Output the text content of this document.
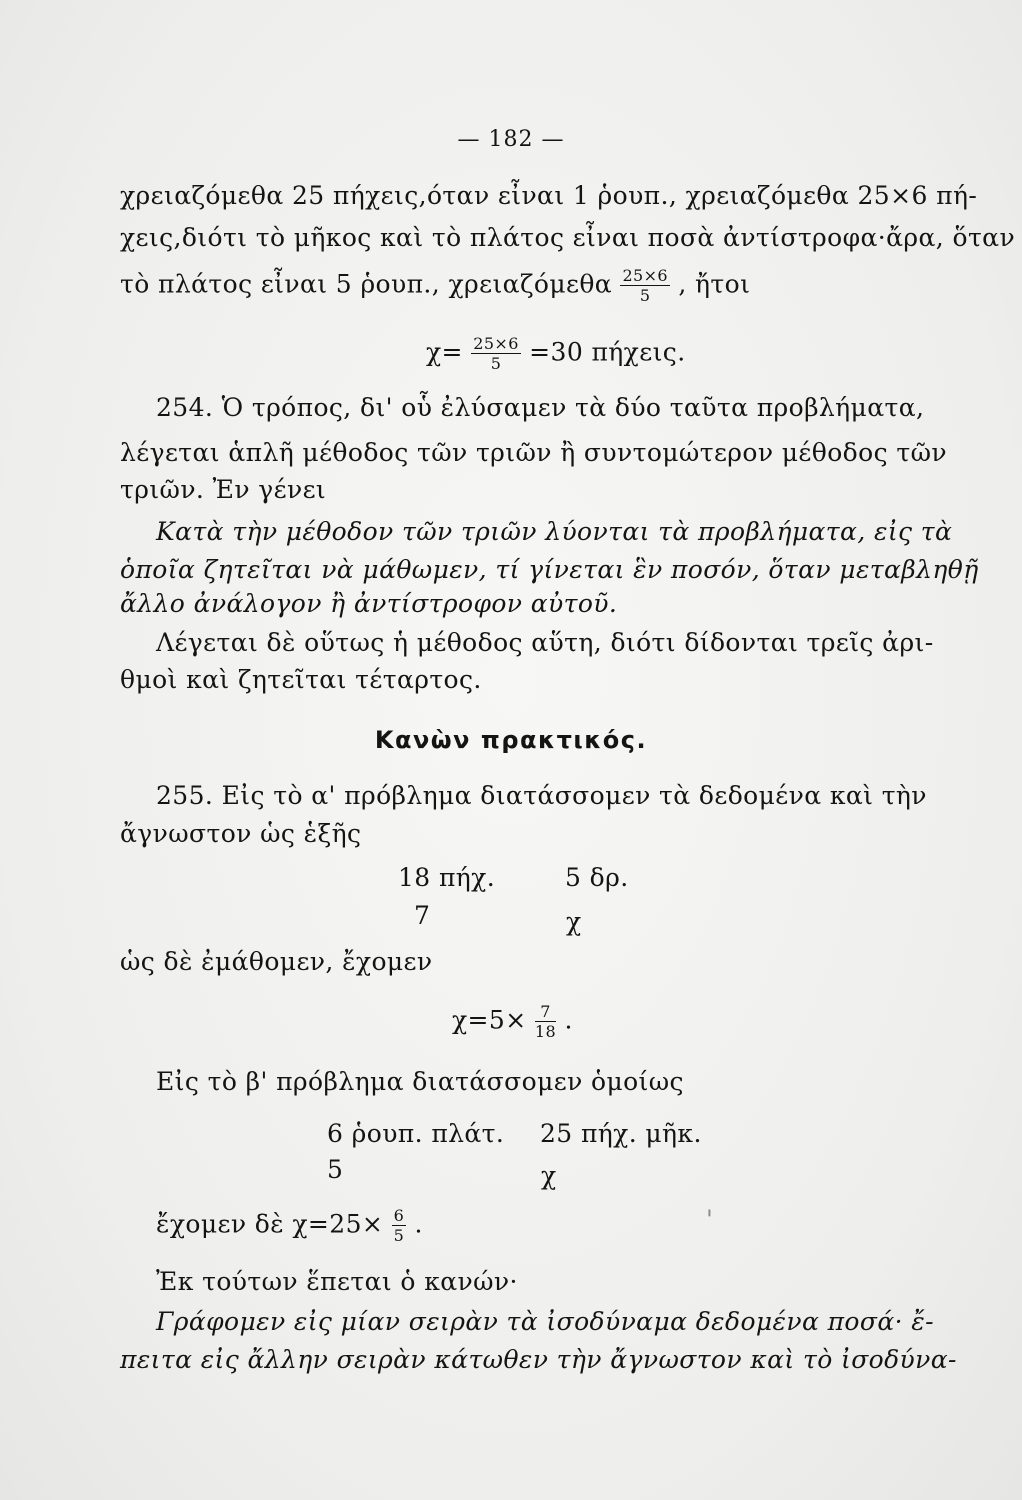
— 182 —
χρειαζόμεθα 25 πήχεις,όταν εἶναι 1 ῥουπ., χρειαζόμεθα 25×6 πή-
χεις,διότι τὸ μῆκος καὶ τὸ πλάτος εἶναι ποσὰ ἀντίστροφα·ἄρα, ὅταν
τὸ πλάτος εἶναι 5 ῥουπ., χρειαζόμεθα $\frac{25\times 6}{5}$ , ἤτοι
$\chi= \frac{25\times 6}{5} =30$ πήχεις.
254. Ὁ τρόπος, δι' οὗ ἐλύσαμεν τὰ δύο ταῦτα προβλήματα,
λέγεται ἁπλῆ μέθοδος τῶν τριῶν ἢ συντομώτερον μέθοδος τῶν
τριῶν. Ἐν γένει
Κατὰ τὴν μέθοδον τῶν τριῶν λύονται τὰ προβλήματα, εἰς τὰ
ὁποῖα ζητεῖται νὰ μάθωμεν, τί γίνεται ἓν ποσόν, ὅταν μεταβληθῇ
ἄλλο ἀνάλογον ἢ ἀντίστροφον αὐτοῦ.
Λέγεται δὲ οὕτως ἡ μέθοδος αὕτη, διότι δίδονται τρεῖς ἀρι-
θμοὶ καὶ ζητεῖται τέταρτος.
Κανὼν πρακτικός.
255. Εἰς τὸ α' πρόβλημα διατάσσομεν τὰ δεδομένα καὶ τὴν
ἄγνωστον ὡς ἑξῆς
18 πήχ.	5 δρ.
7	χ
ὡς δὲ ἐμάθομεν, ἔχομεν
$\chi=5\times \frac{7}{18}$ .
Εἰς τὸ β' πρόβλημα διατάσσομεν ὁμοίως
6 ῥουπ. πλάτ. 25 πήχ. μῆκ.
5	χ
ἔχομεν δὲ $\chi=25\times \frac{6}{5}$ .	'
Ἐκ τούτων ἕπεται ὁ κανών·
Γράφομεν εἰς μίαν σειρὰν τὰ ἰσοδύναμα δεδομένα ποσά· ἔ-
πειτα εἰς ἄλλην σειρὰν κάτωθεν τὴν ἄγνωστον καὶ τὸ ἰσοδύνα-
